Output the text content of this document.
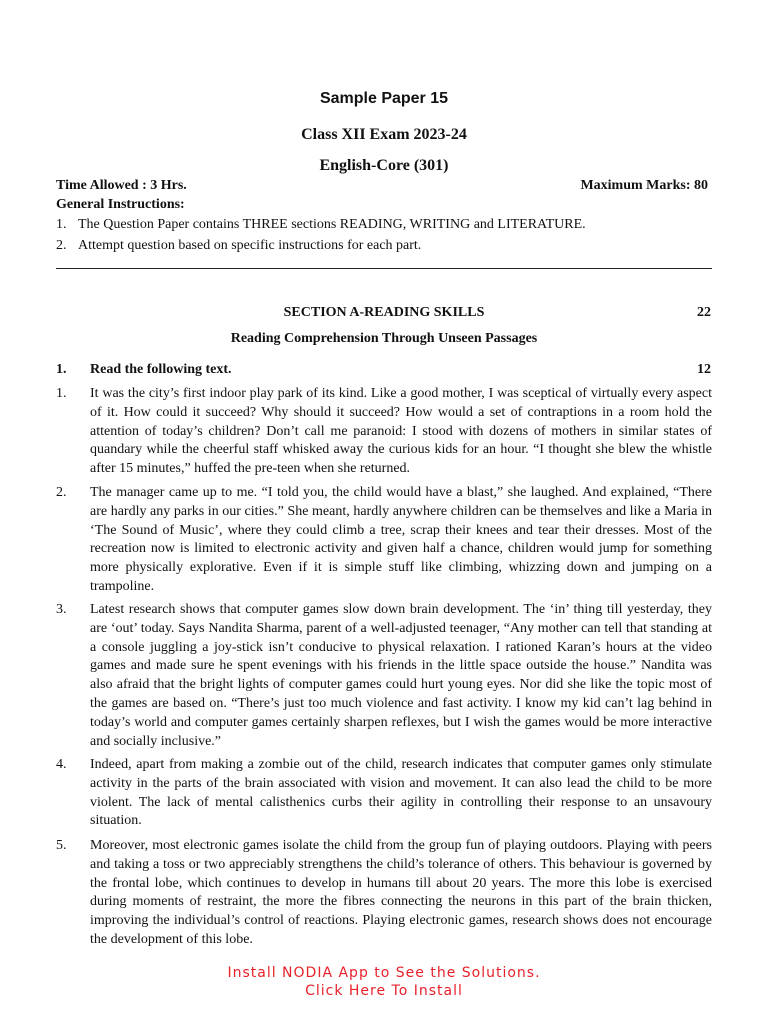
Sample Paper 15
Class XII Exam 2023-24
English-Core (301)
Time Allowed : 3 Hrs.	Maximum Marks: 80
General Instructions:
1. The Question Paper contains THREE sections READING, WRITING and LITERATURE.
2. Attempt question based on specific instructions for each part.
SECTION A-READING SKILLS	22
Reading Comprehension Through Unseen Passages
1. Read the following text.	12
1. It was the city’s first indoor play park of its kind. Like a good mother, I was sceptical of virtually every aspect of it. How could it succeed? Why should it succeed? How would a set of contraptions in a room hold the attention of today’s children? Don’t call me paranoid: I stood with dozens of mothers in similar states of quandary while the cheerful staff whisked away the curious kids for an hour. “I thought she blew the whistle after 15 minutes,” huffed the pre-teen when she returned.
2. The manager came up to me. “I told you, the child would have a blast,” she laughed. And explained, “There are hardly any parks in our cities.” She meant, hardly anywhere children can be themselves and like a Maria in ‘The Sound of Music’, where they could climb a tree, scrap their knees and tear their dresses. Most of the recreation now is limited to electronic activity and given half a chance, children would jump for something more physically explorative. Even if it is simple stuff like climbing, whizzing down and jumping on a trampoline.
3. Latest research shows that computer games slow down brain development. The ‘in’ thing till yesterday, they are ‘out’ today. Says Nandita Sharma, parent of a well-adjusted teenager, “Any mother can tell that standing at a console juggling a joy-stick isn’t conducive to physical relaxation. I rationed Karan’s hours at the video games and made sure he spent evenings with his friends in the little space outside the house.” Nandita was also afraid that the bright lights of computer games could hurt young eyes. Nor did she like the topic most of the games are based on. “There’s just too much violence and fast activity. I know my kid can’t lag behind in today’s world and computer games certainly sharpen reflexes, but I wish the games would be more interactive and socially inclusive.”
4. Indeed, apart from making a zombie out of the child, research indicates that computer games only stimulate activity in the parts of the brain associated with vision and movement. It can also lead the child to be more violent. The lack of mental calisthenics curbs their agility in controlling their response to an unsavoury situation.
5. Moreover, most electronic games isolate the child from the group fun of playing outdoors. Playing with peers and taking a toss or two appreciably strengthens the child’s tolerance of others. This behaviour is governed by the frontal lobe, which continues to develop in humans till about 20 years. The more this lobe is exercised during moments of restraint, the more the fibres connecting the neurons in this part of the brain thicken, improving the individual’s control of reactions. Playing electronic games, research shows does not encourage the development of this lobe.
Install NODIA App to See the Solutions.
Click Here To Install
